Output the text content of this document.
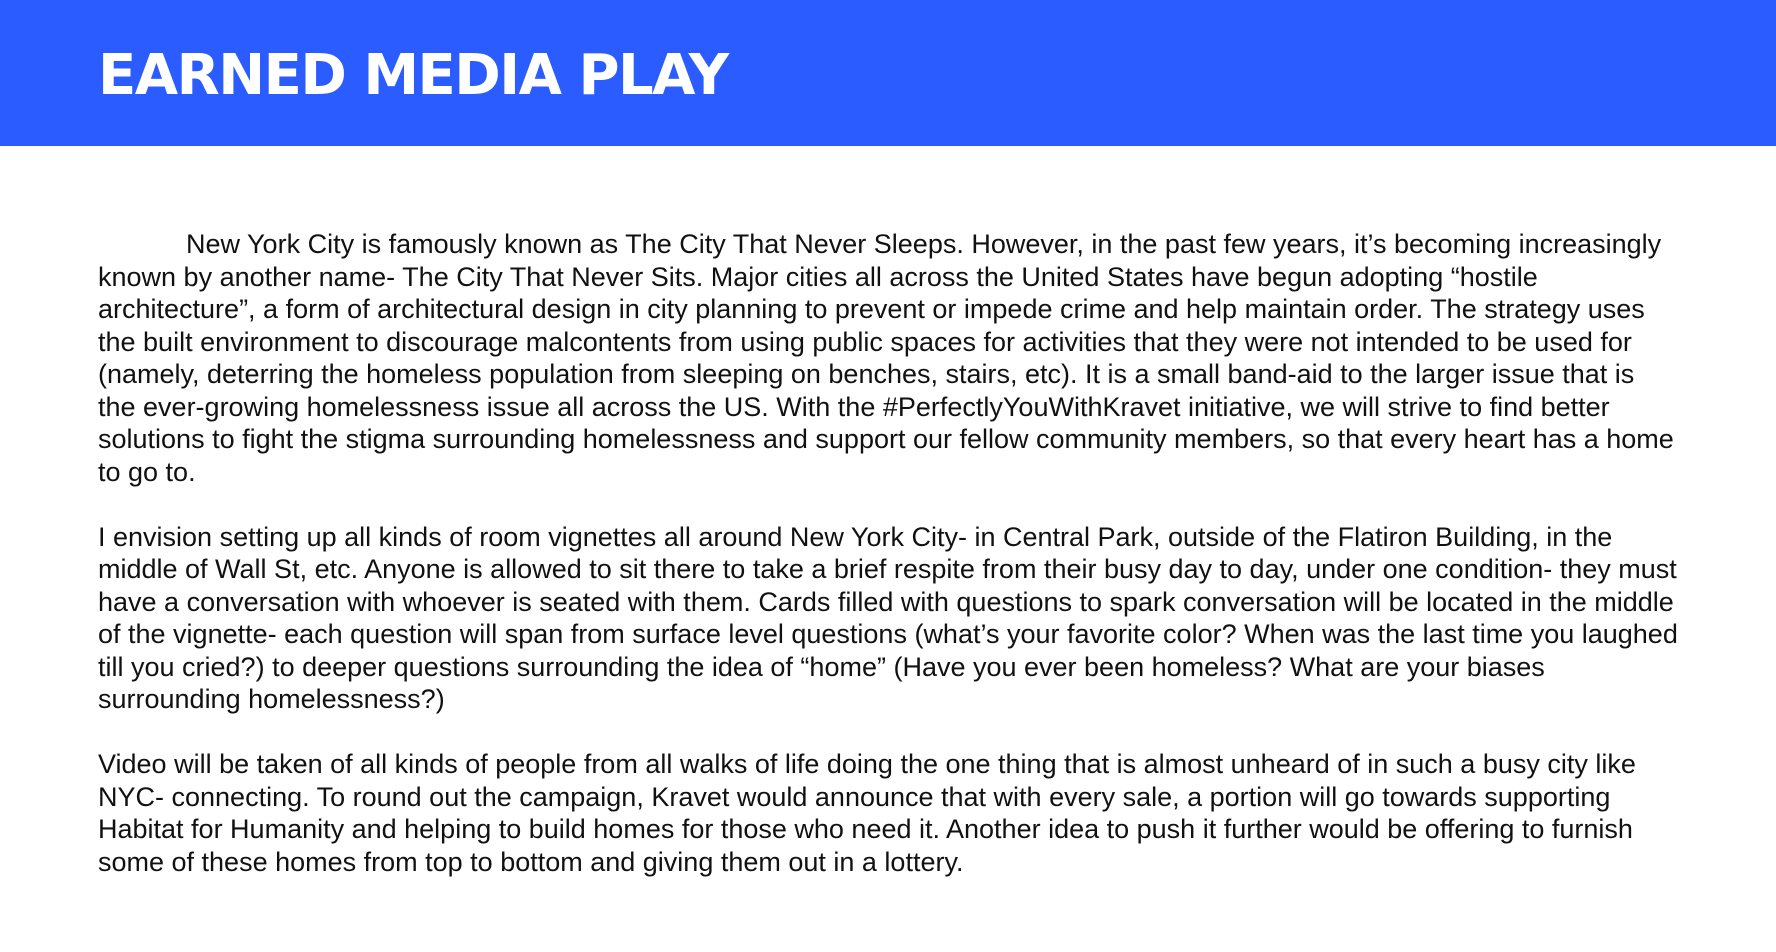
EARNED MEDIA PLAY

New York City is famously known as The City That Never Sleeps. However, in the past few years, it’s becoming increasingly known by another name- The City That Never Sits. Major cities all across the United States have begun adopting “hostile architecture”, a form of architectural design in city planning to prevent or impede crime and help maintain order. The strategy uses the built environment to discourage malcontents from using public spaces for activities that they were not intended to be used for (namely, deterring the homeless population from sleeping on benches, stairs, etc). It is a small band-aid to the larger issue that is the ever-growing homelessness issue all across the US. With the #PerfectlyYouWithKravet initiative, we will strive to find better solutions to fight the stigma surrounding homelessness and support our fellow community members, so that every heart has a home to go to.

I envision setting up all kinds of room vignettes all around New York City- in Central Park, outside of the Flatiron Building, in the middle of Wall St, etc. Anyone is allowed to sit there to take a brief respite from their busy day to day, under one condition- they must have a conversation with whoever is seated with them. Cards filled with questions to spark conversation will be located in the middle of the vignette- each question will span from surface level questions (what’s your favorite color? When was the last time you laughed till you cried?) to deeper questions surrounding the idea of “home” (Have you ever been homeless? What are your biases surrounding homelessness?)

Video will be taken of all kinds of people from all walks of life doing the one thing that is almost unheard of in such a busy city like NYC- connecting. To round out the campaign, Kravet would announce that with every sale, a portion will go towards supporting Habitat for Humanity and helping to build homes for those who need it. Another idea to push it further would be offering to furnish some of these homes from top to bottom and giving them out in a lottery.
